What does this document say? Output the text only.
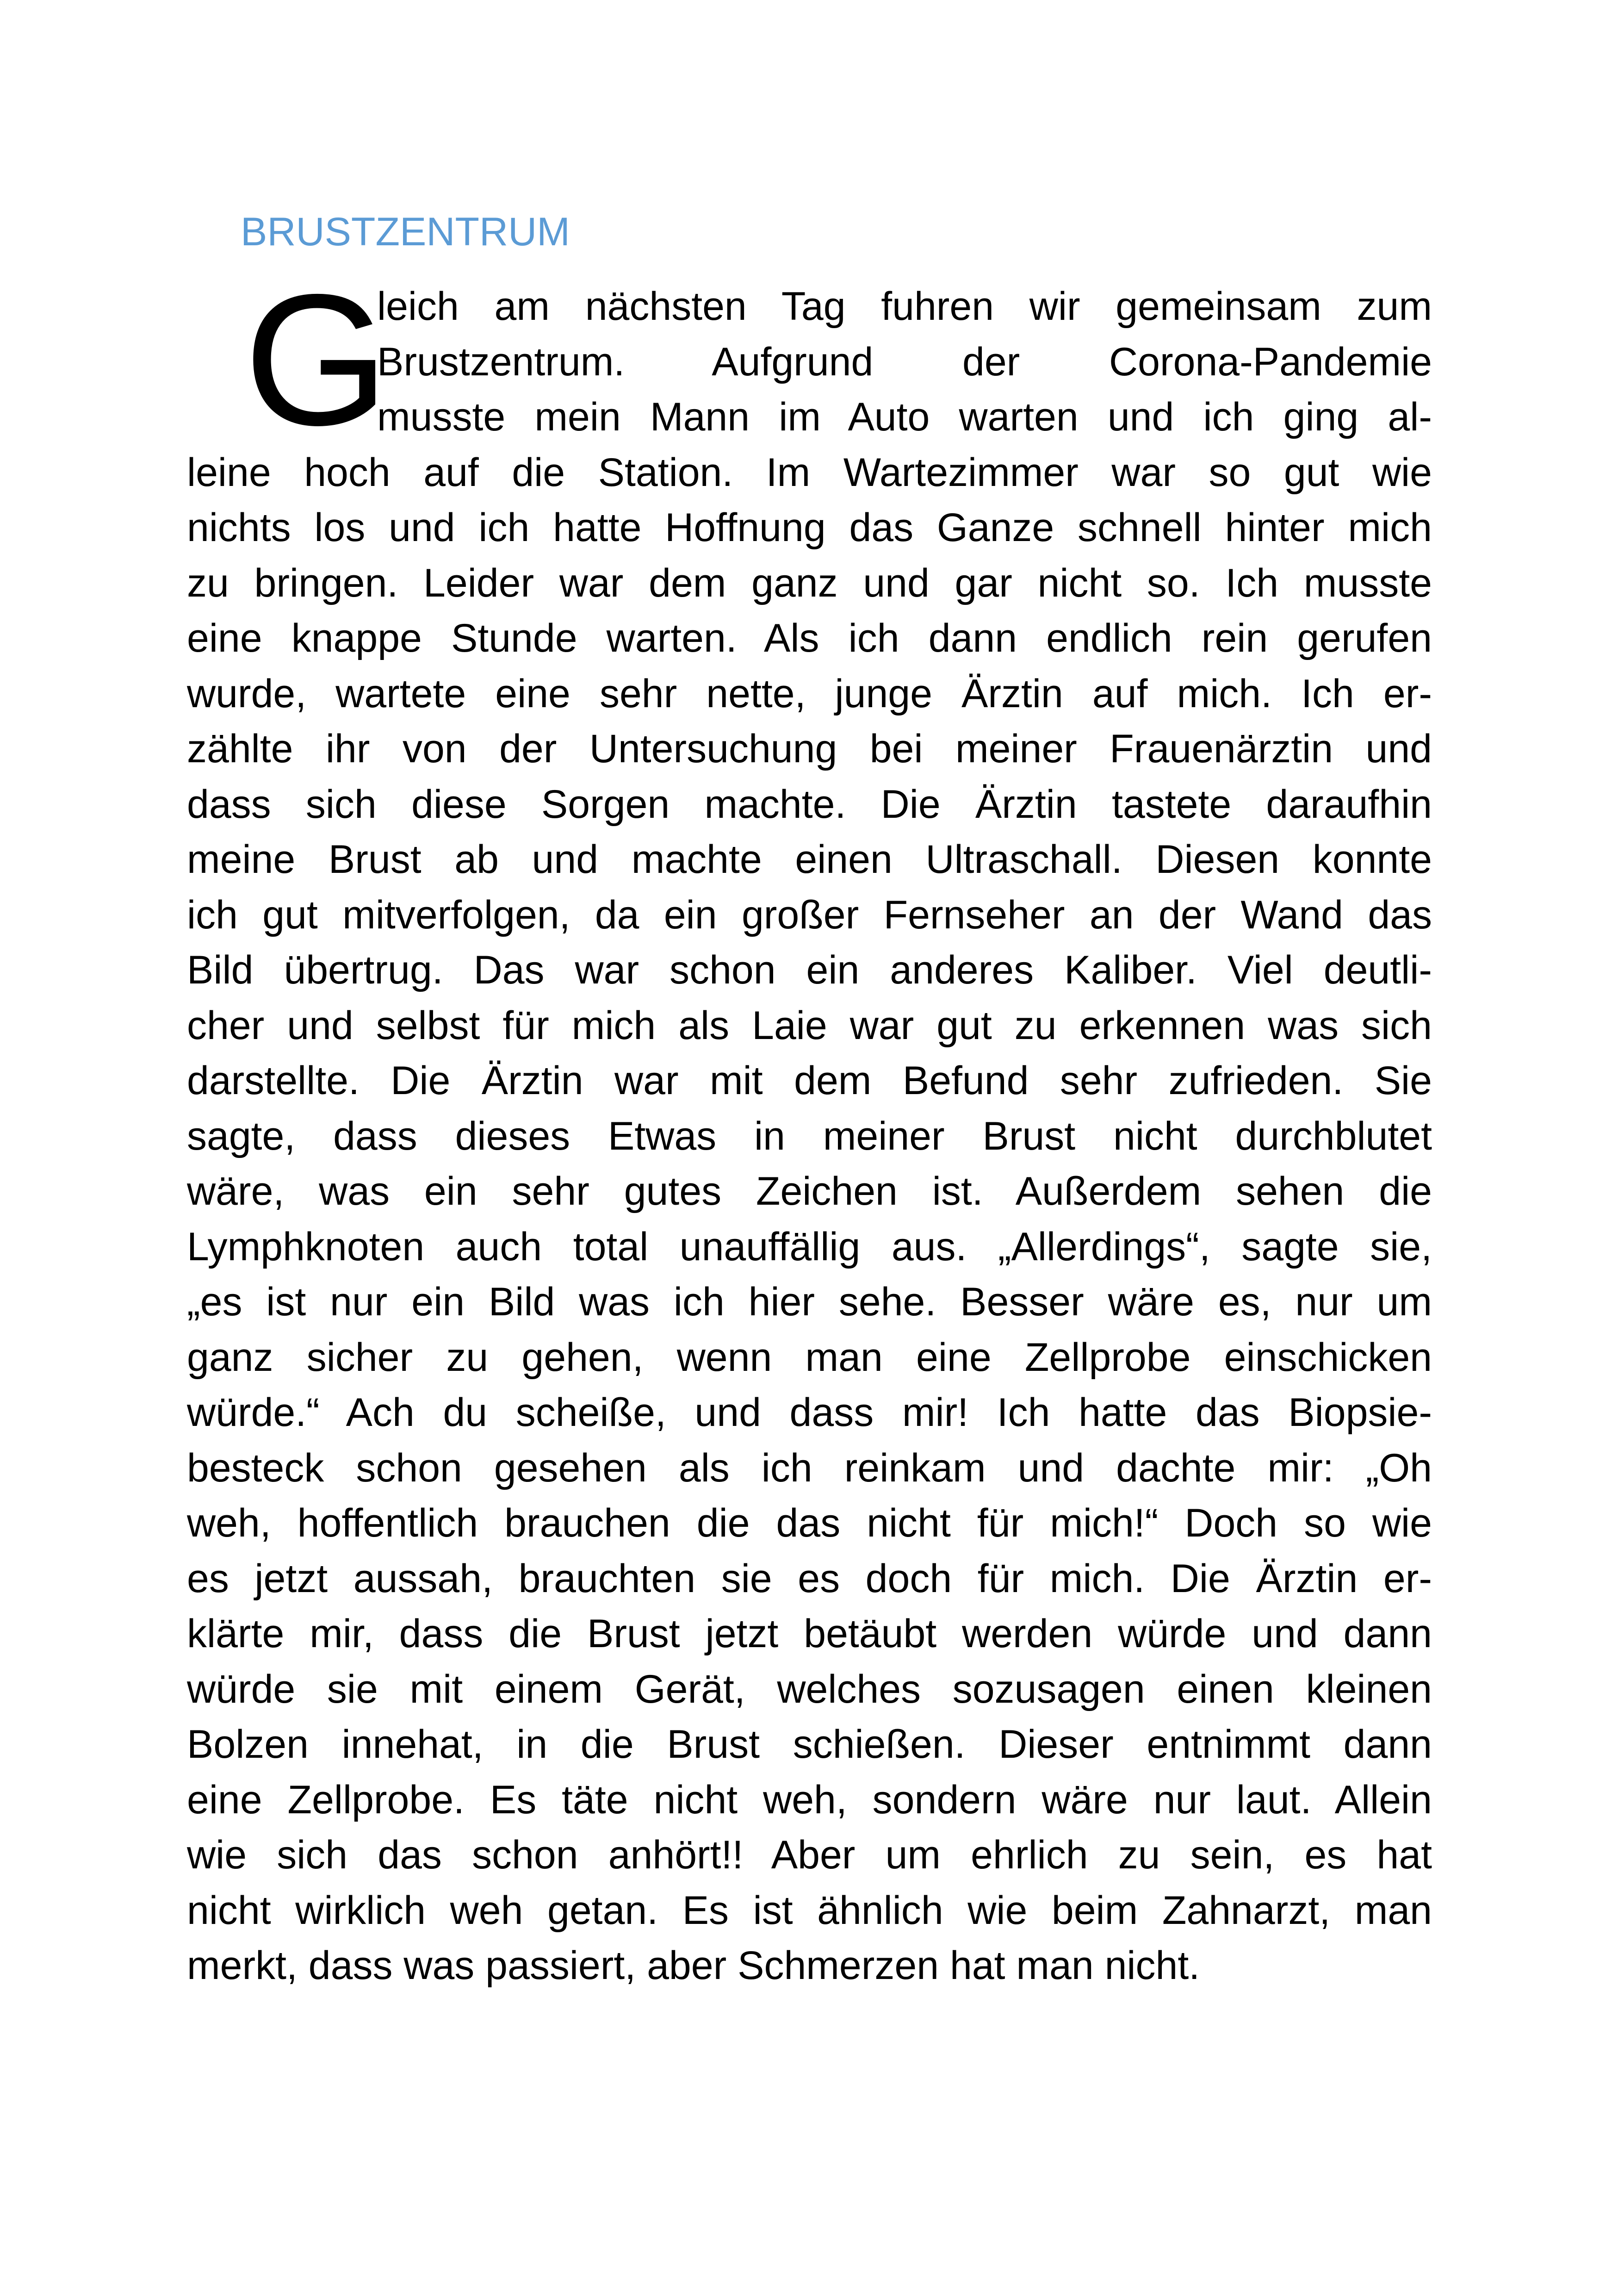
BRUSTZENTRUM
G

leich am nächsten Tag fuhren wir gemeinsam zum

Brustzentrum. Aufgrund der Corona-Pandemie

musste mein Mann im Auto warten und ich ging al-

leine hoch auf die Station. Im Wartezimmer war so gut wie

nichts los und ich hatte Hoffnung das Ganze schnell hinter mich

zu bringen. Leider war dem ganz und gar nicht so. Ich musste

eine knappe Stunde warten. Als ich dann endlich rein gerufen

wurde, wartete eine sehr nette, junge Ärztin auf mich. Ich er-

zählte ihr von der Untersuchung bei meiner Frauenärztin und

dass sich diese Sorgen machte. Die Ärztin tastete daraufhin

meine Brust ab und machte einen Ultraschall. Diesen konnte

ich gut mitverfolgen, da ein großer Fernseher an der Wand das

Bild übertrug. Das war schon ein anderes Kaliber. Viel deutli-

cher und selbst für mich als Laie war gut zu erkennen was sich

darstellte. Die Ärztin war mit dem Befund sehr zufrieden. Sie

sagte, dass dieses Etwas in meiner Brust nicht durchblutet

wäre, was ein sehr gutes Zeichen ist. Außerdem sehen die

Lymphknoten auch total unauffällig aus. „Allerdings“, sagte sie,

„es ist nur ein Bild was ich hier sehe. Besser wäre es, nur um

ganz sicher zu gehen, wenn man eine Zellprobe einschicken

würde.“ Ach du scheiße, und dass mir! Ich hatte das Biopsie-

besteck schon gesehen als ich reinkam und dachte mir: „Oh

weh, hoffentlich brauchen die das nicht für mich!“ Doch so wie

es jetzt aussah, brauchten sie es doch für mich. Die Ärztin er-

klärte mir, dass die Brust jetzt betäubt werden würde und dann

würde sie mit einem Gerät, welches sozusagen einen kleinen

Bolzen innehat, in die Brust schießen. Dieser entnimmt dann

eine Zellprobe. Es täte nicht weh, sondern wäre nur laut. Allein

wie sich das schon anhört!! Aber um ehrlich zu sein, es hat

nicht wirklich weh getan. Es ist ähnlich wie beim Zahnarzt, man

merkt, dass was passiert, aber Schmerzen hat man nicht.
